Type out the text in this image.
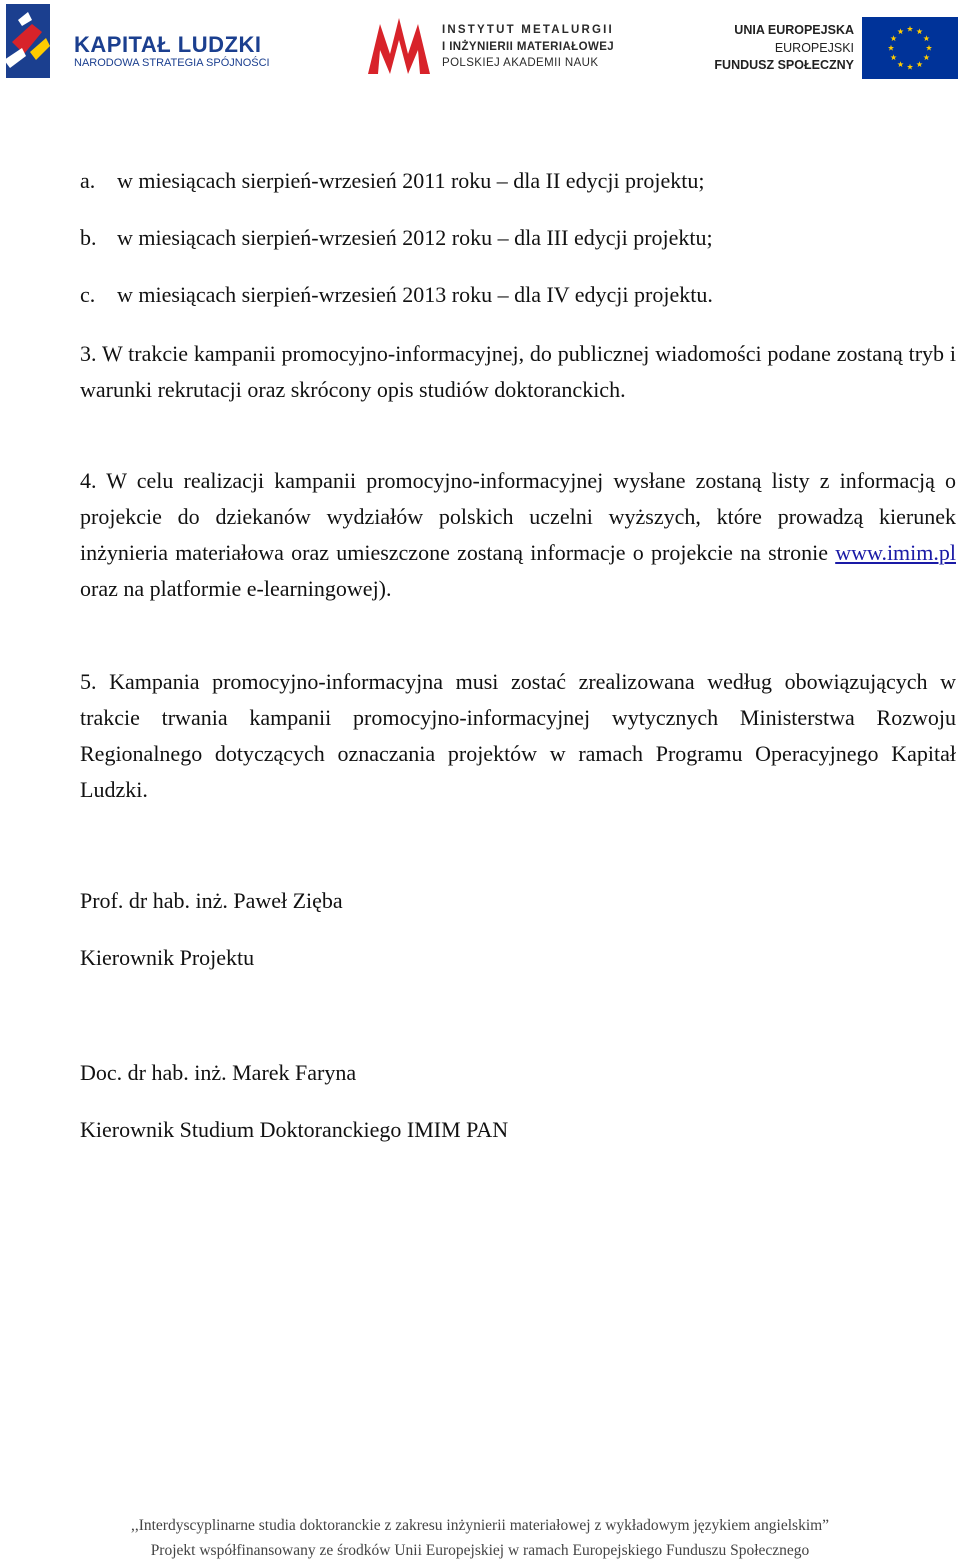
KAPITAŁ LUDZKI
NARODOWA STRATEGIA SPÓJNOŚCI
INSTYTUT METALURGII
I INŻYNIERII MATERIAŁOWEJ
POLSKIEJ AKADEMII NAUK
UNIA EUROPEJSKA
EUROPEJSKI
FUNDUSZ SPOŁECZNY
a. w miesiącach sierpień-wrzesień 2011 roku – dla II edycji projektu;
b. w miesiącach sierpień-wrzesień 2012 roku – dla III edycji projektu;
c. w miesiącach sierpień-wrzesień 2013 roku – dla IV edycji projektu.
3. W trakcie kampanii promocyjno-informacyjnej, do publicznej wiadomości podane zostaną tryb i warunki rekrutacji oraz skrócony opis studiów doktoranckich.
4. W celu realizacji kampanii promocyjno-informacyjnej wysłane zostaną listy z informacją o projekcie do dziekanów wydziałów polskich uczelni wyższych, które prowadzą kierunek inżynieria materiałowa oraz umieszczone zostaną informacje o projekcie na stronie www.imim.pl oraz na platformie e-learningowej).
5. Kampania promocyjno-informacyjna musi zostać zrealizowana według obowiązujących w trakcie trwania kampanii promocyjno-informacyjnej wytycznych Ministerstwa Rozwoju Regionalnego dotyczących oznaczania projektów w ramach Programu Operacyjnego Kapitał Ludzki.
Prof. dr hab. inż. Paweł Zięba
Kierownik Projektu
Doc. dr hab. inż. Marek Faryna
Kierownik Studium Doktoranckiego IMIM PAN
,,Interdyscyplinarne studia doktoranckie z zakresu inżynierii materiałowej z wykładowym językiem angielskim”
Projekt współfinansowany ze środków Unii Europejskiej w ramach Europejskiego Funduszu Społecznego
